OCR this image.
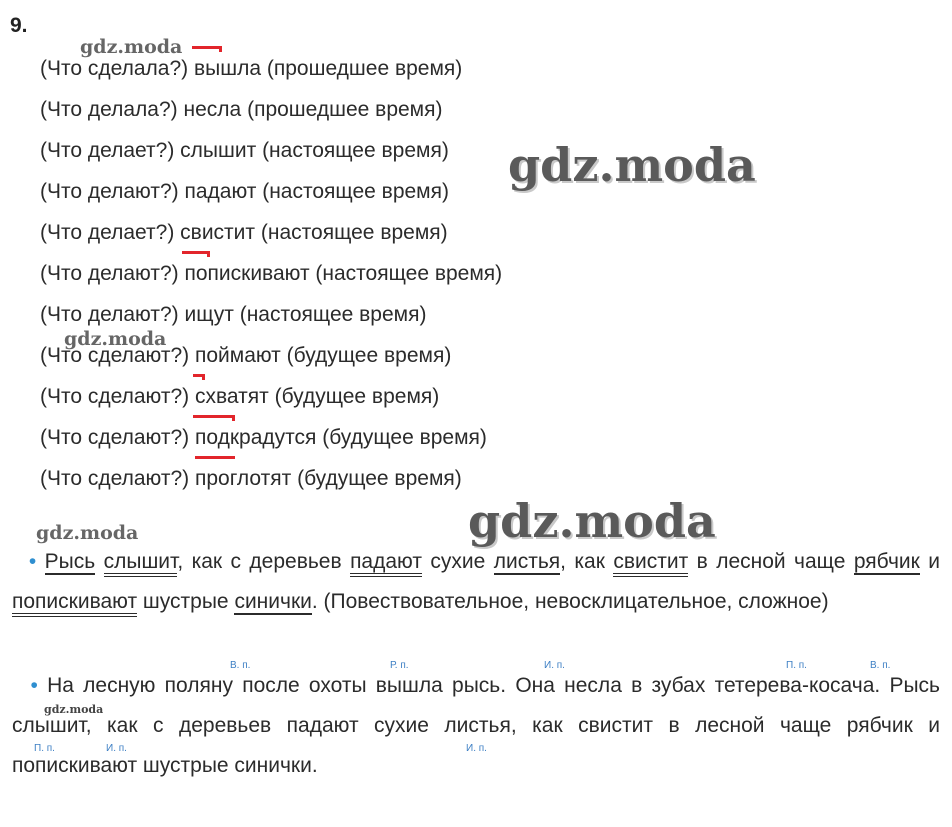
9.
(Что сделала?) вышла (прошедшее время)
(Что делала?) несла (прошедшее время)
(Что делает?) слышит (настоящее время)
(Что делают?) падают (настоящее время)
(Что делает?) свистит (настоящее время)
(Что делают?) попискивают (настоящее время)
(Что делают?) ищут (настоящее время)
(Что сделают?) поймают (будущее время)
(Что сделают?) схватят (будущее время)
(Что сделают?) подкрадутся (будущее время)
(Что сделают?) проглотят (будущее время)
gdz.moda
gdz.moda
gdz.moda
gdz.moda	gdz.moda
gdz.moda
• Рысь слышит, как с деревьев падают сухие листья, как свистит в лесной чаще рябчик и попискивают шустрые синички. (Повествовательное, невосклицательное, сложное)
В. п.	Р. п.	И. п.	П. п.	В. п.
П. п.	И. п.	И. п.
• На лесную поляну после охоты вышла рысь. Она несла в зубах тетерева-косача. Рысь слышит, как с деревьев падают сухие листья, как свистит в лесной чаще рябчик и попискивают шустрые синички.
